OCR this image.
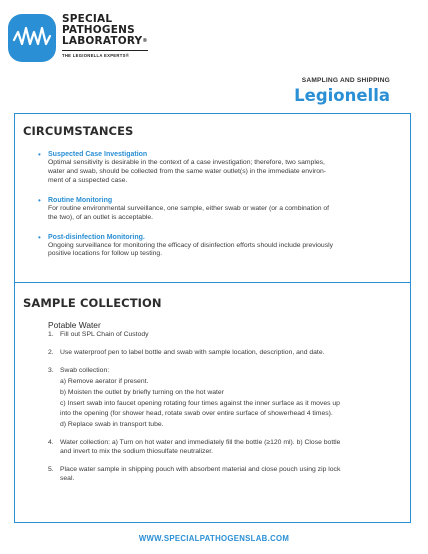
SPECIAL
PATHOGENS
LABORATORY®
THE LEGIONELLA EXPERTS®
SAMPLING AND SHIPPING
Legionella
CIRCUMSTANCES
• Suspected Case Investigation
Optimal sensitivity is desirable in the context of a case investigation; therefore, two samples,
water and swab, should be collected from the same water outlet(s) in the immediate environ-
ment of a suspected case.
• Routine Monitoring
For routine environmental surveillance, one sample, either swab or water (or a combination of
the two), of an outlet is acceptable.
• Post-disinfection Monitoring.
Ongoing surveillance for monitoring the efficacy of disinfection efforts should include previously
positive locations for follow up testing.
SAMPLE COLLECTION
Potable Water
1. Fill out SPL Chain of Custody
2. Use waterproof pen to label bottle and swab with sample location, description, and date.
3. Swab collection:
a) Remove aerator if present.
b) Moisten the outlet by briefly turning on the hot water
c) Insert swab into faucet opening rotating four times against the inner surface as it moves up
into the opening (for shower head, rotate swab over entire surface of showerhead 4 times).
d) Replace swab in transport tube.
4. Water collection: a) Turn on hot water and immediately fill the bottle (≥120 ml). b) Close bottle
and invert to mix the sodium thiosulfate neutralizer.
5. Place water sample in shipping pouch with absorbent material and close pouch using zip lock
seal.
WWW.SPECIALPATHOGENSLAB.COM
